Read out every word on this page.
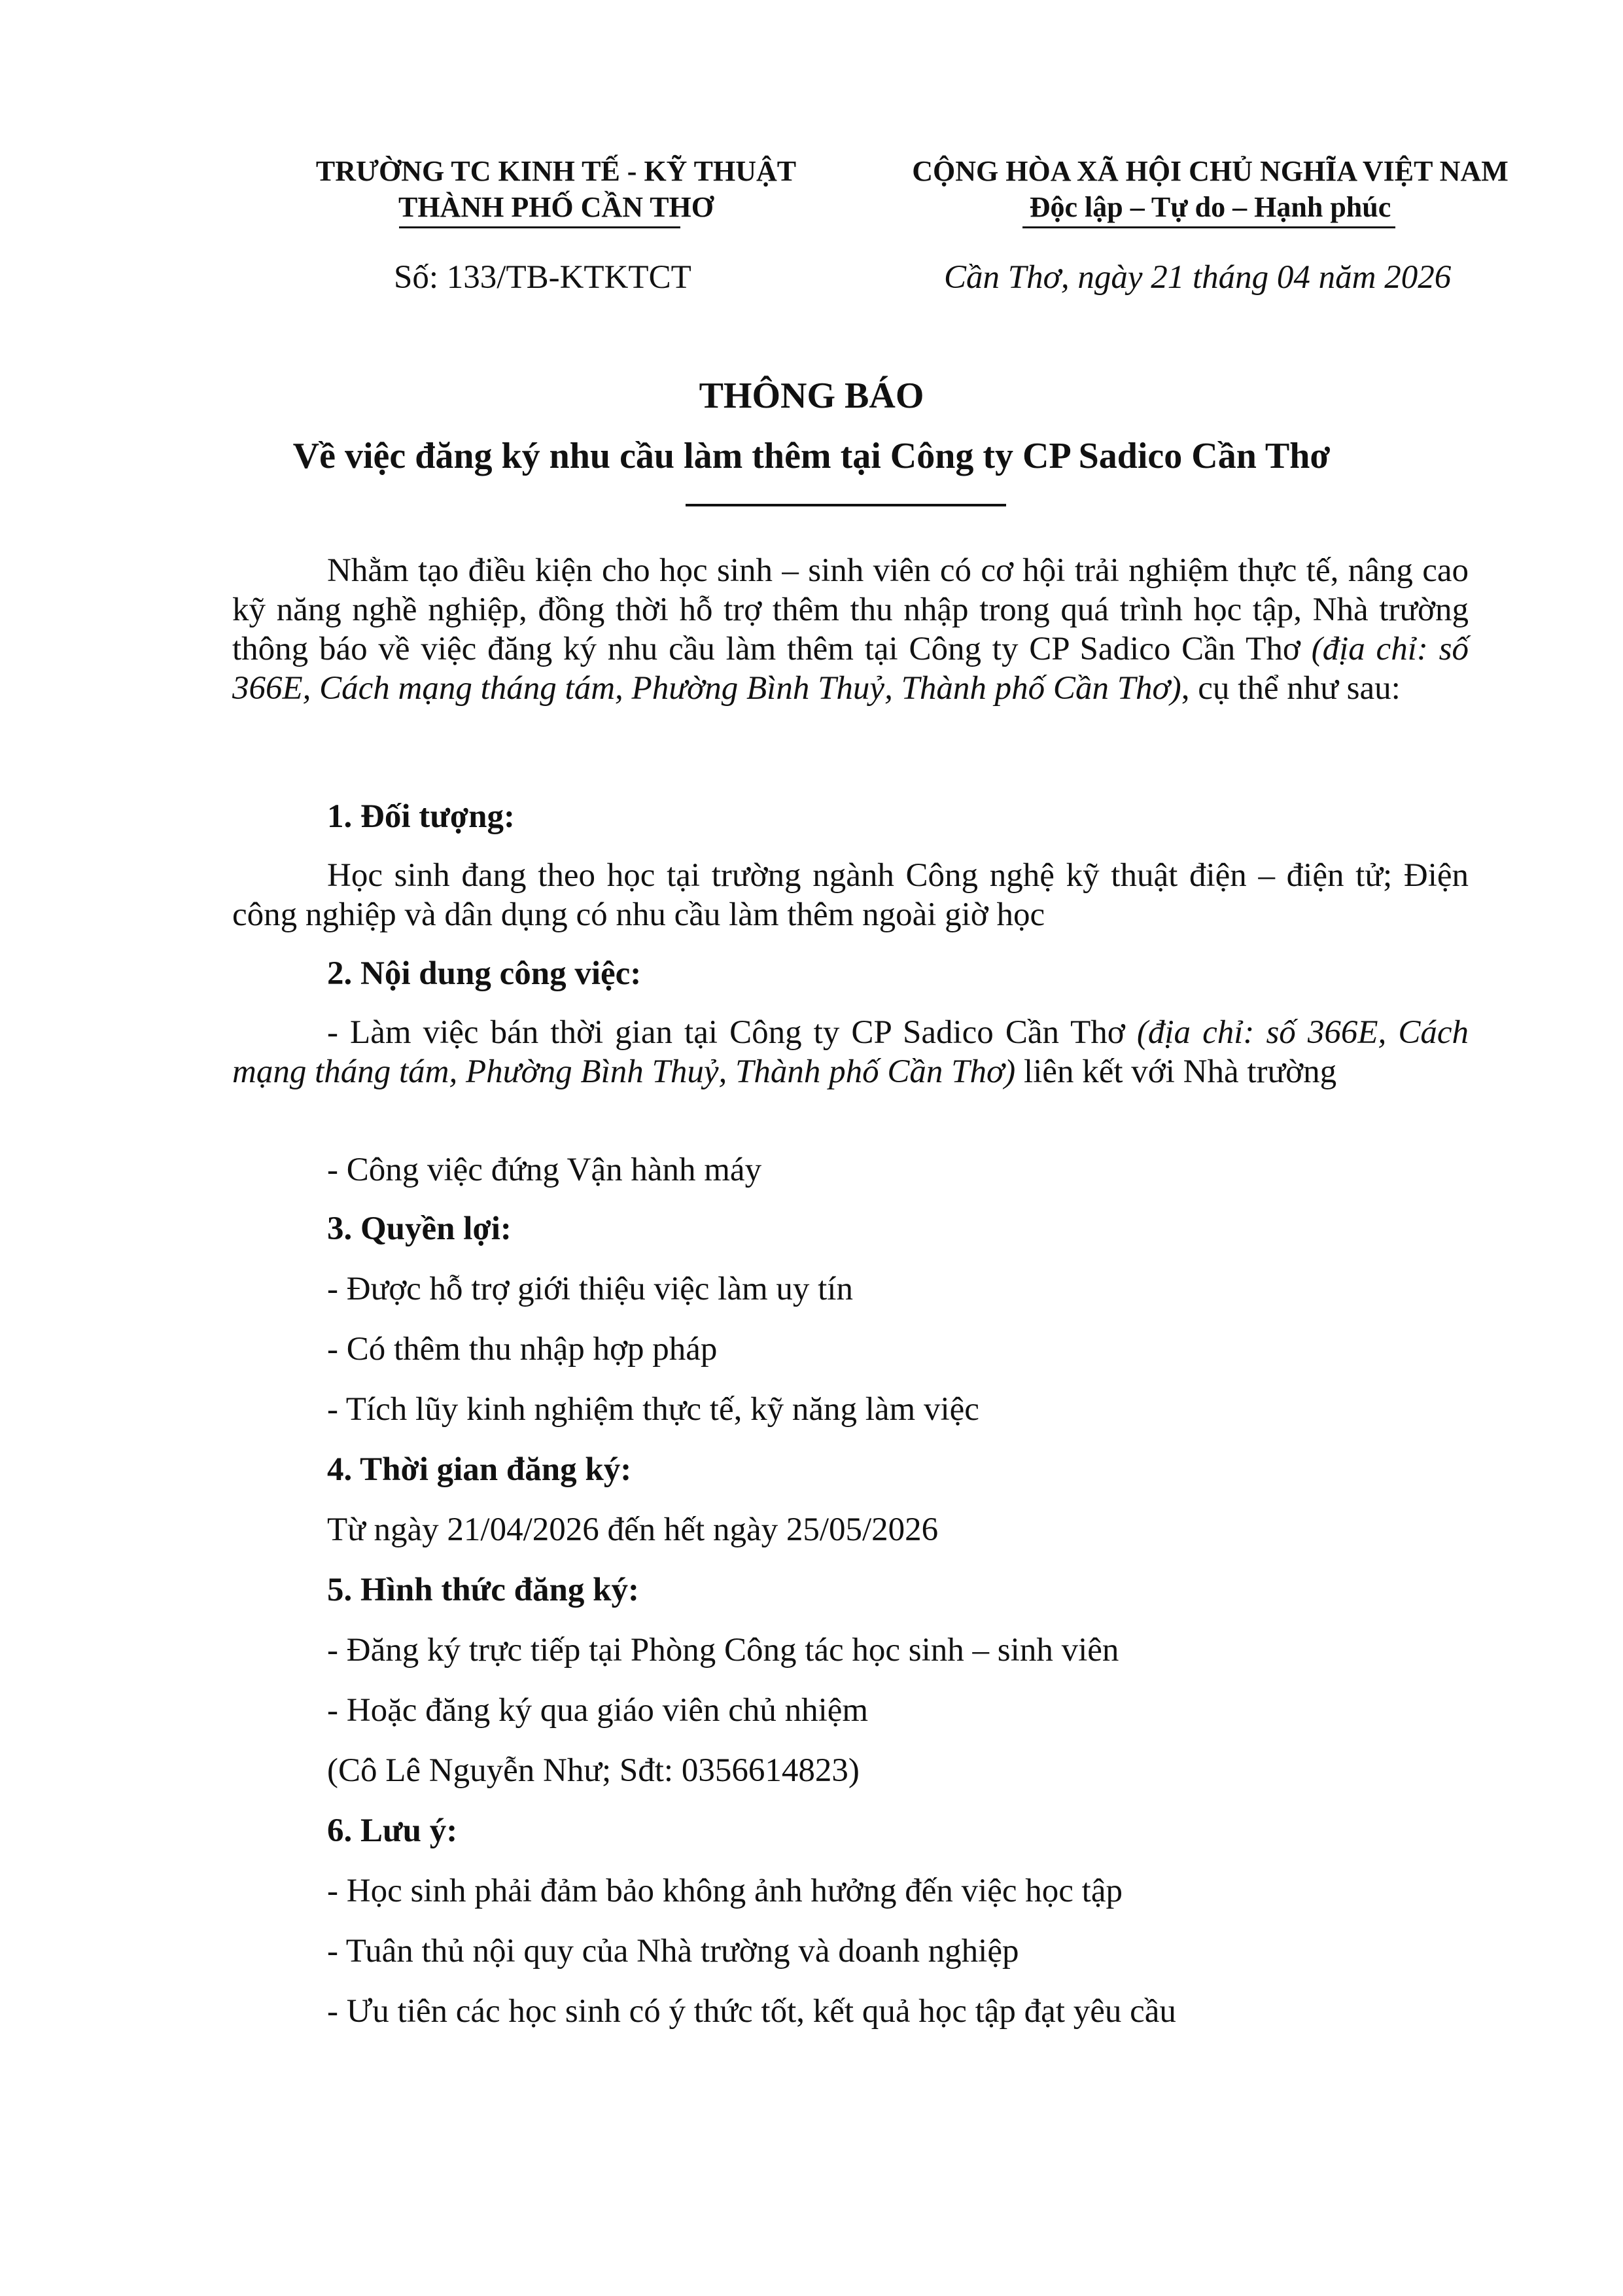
TRƯỜNG TC KINH TẾ - KỸ THUẬT
THÀNH PHỐ CẦN THƠ
CỘNG HÒA XÃ HỘI CHỦ NGHĨA VIỆT NAM
Độc lập – Tự do – Hạnh phúc
Số: 133/TB-KTKTCT	Cần Thơ, ngày 21 tháng 04 năm 2026
THÔNG BÁO
Về việc đăng ký nhu cầu làm thêm tại Công ty CP Sadico Cần Thơ
Nhằm tạo điều kiện cho học sinh – sinh viên có cơ hội trải nghiệm thực tế, nâng cao kỹ năng nghề nghiệp, đồng thời hỗ trợ thêm thu nhập trong quá trình học tập, Nhà trường thông báo về việc đăng ký nhu cầu làm thêm tại Công ty CP Sadico Cần Thơ (địa chỉ: số 366E, Cách mạng tháng tám, Phường Bình Thuỷ, Thành phố Cần Thơ), cụ thể như sau:
1. Đối tượng:
Học sinh đang theo học tại trường ngành Công nghệ kỹ thuật điện – điện tử; Điện công nghiệp và dân dụng có nhu cầu làm thêm ngoài giờ học
2. Nội dung công việc:
- Làm việc bán thời gian tại Công ty CP Sadico Cần Thơ (địa chỉ: số 366E, Cách mạng tháng tám, Phường Bình Thuỷ, Thành phố Cần Thơ) liên kết với Nhà trường
- Công việc đứng Vận hành máy
3. Quyền lợi:
- Được hỗ trợ giới thiệu việc làm uy tín
- Có thêm thu nhập hợp pháp
- Tích lũy kinh nghiệm thực tế, kỹ năng làm việc
4. Thời gian đăng ký:
Từ ngày 21/04/2026 đến hết ngày 25/05/2026
5. Hình thức đăng ký:
- Đăng ký trực tiếp tại Phòng Công tác học sinh – sinh viên
- Hoặc đăng ký qua giáo viên chủ nhiệm
(Cô Lê Nguyễn Như; Sđt: 0356614823)
6. Lưu ý:
- Học sinh phải đảm bảo không ảnh hưởng đến việc học tập
- Tuân thủ nội quy của Nhà trường và doanh nghiệp
- Ưu tiên các học sinh có ý thức tốt, kết quả học tập đạt yêu cầu
